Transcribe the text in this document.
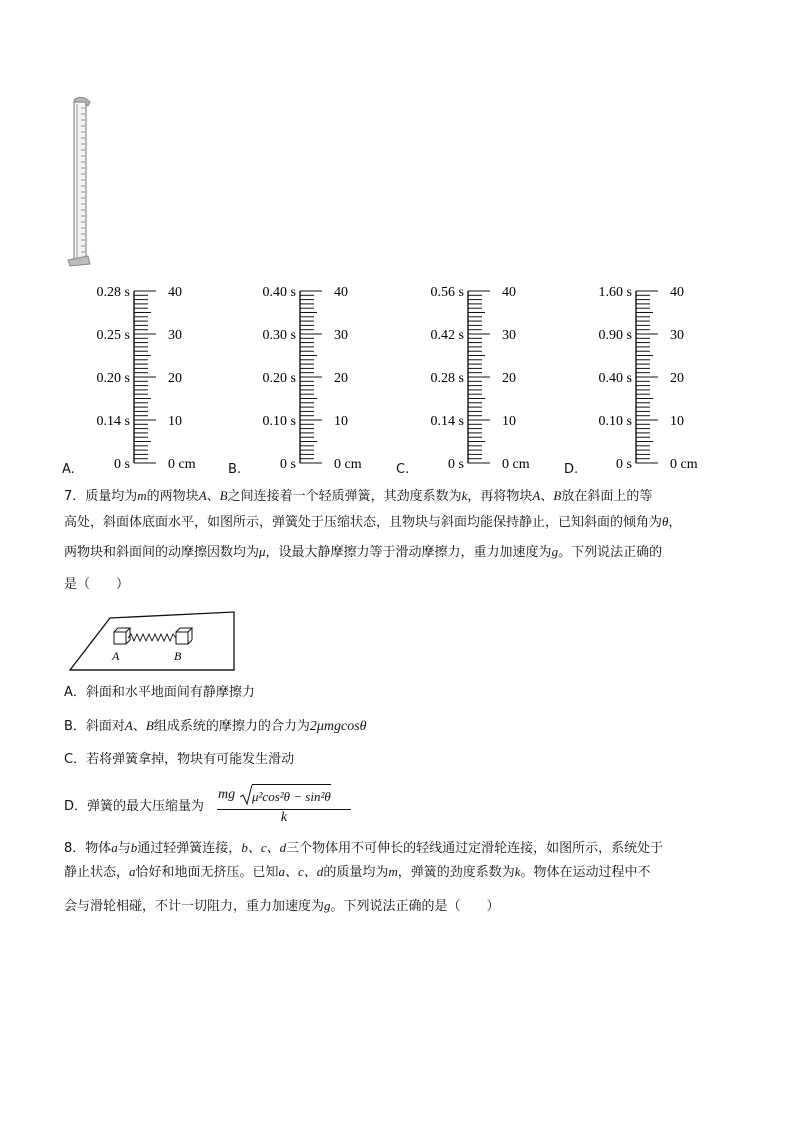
A.
0.28 s	40
0.25 s	30
0.20 s	20
0.14 s	10
0 s	0 cm B.
0.40 s	40
0.30 s	30
0.20 s	20
0.10 s	10
0 s	0 cm	C.
0.56 s	40
0.42 s	30
0.28 s	20
0.14 s	10
0 s	0 cm	D.
1.60 s	40
0.90 s	30
0.40 s	20
0.10 s	10
0 s	0 cm
7．质量均为m的两物块A、B之间连接着一个轻质弹簧，其劲度系数为k，再将物块A、B放在斜面上的等
高处，斜面体底面水平，如图所示，弹簧处于压缩状态，且物块与斜面均能保持静止，已知斜面的倾角为θ，
两物块和斜面间的动摩擦因数均为μ，设最大静摩擦力等于滑动摩擦力，重力加速度为g。下列说法正确的
是（　　）
A	B
A．斜面和水平地面间有静摩擦力
B．斜面对A、B组成系统的摩擦力的合力为2μmgcosθ
C．若将弹簧拿掉，物块有可能发生滑动
D．弹簧的最大压缩量为
mg μ²cos²θ − sin²θ
k
8．物体a与b通过轻弹簧连接，b、c、d三个物体用不可伸长的轻线通过定滑轮连接，如图所示，系统处于
静止状态，a恰好和地面无挤压。已知a、c、d的质量均为m，弹簧的劲度系数为k。物体在运动过程中不
会与滑轮相碰，不计一切阻力，重力加速度为g。下列说法正确的是（　　）
